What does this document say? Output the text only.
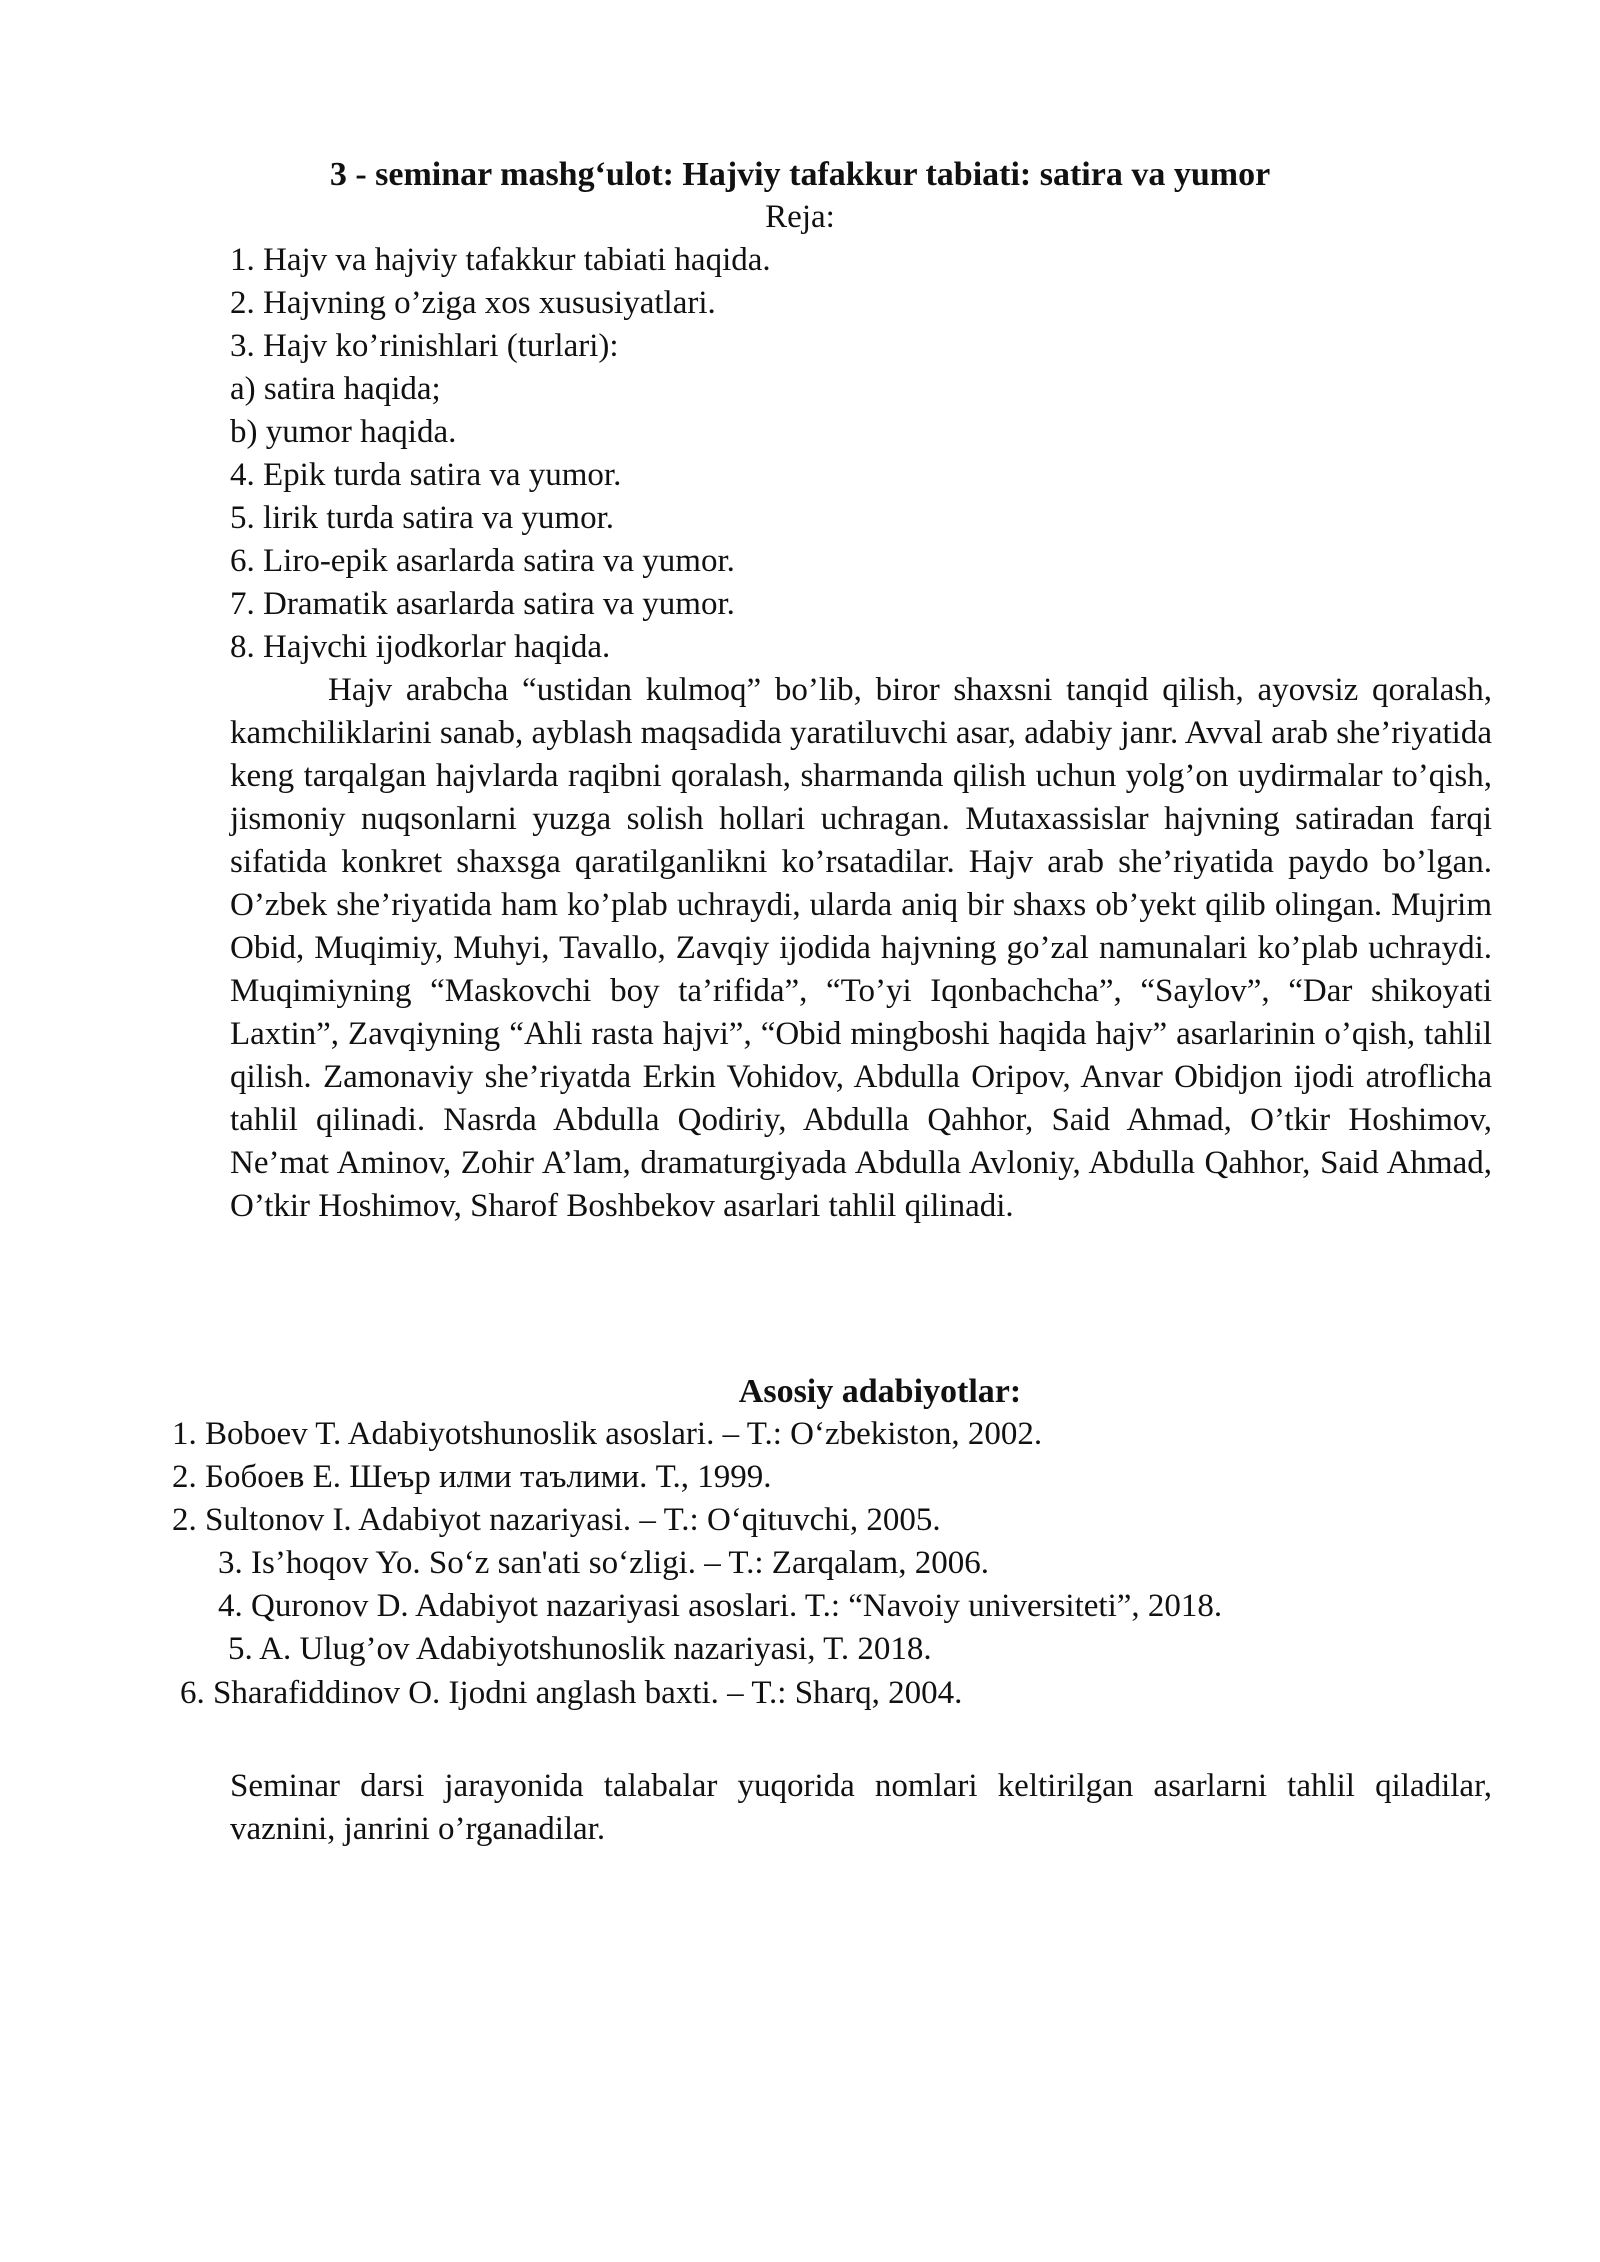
3 - seminar mashg‘ulot: Hajviy tafakkur tabiati: satira va yumor
Reja:
1. Hajv va hajviy tafakkur tabiati haqida.
2. Hajvning o’ziga xos xususiyatlari.
3. Hajv ko’rinishlari (turlari):
a) satira haqida;
b) yumor haqida.
4. Epik turda satira va yumor.
5. lirik turda satira va yumor.
6. Liro-epik asarlarda satira va yumor.
7. Dramatik asarlarda satira va yumor.
8. Hajvchi ijodkorlar haqida.
Hajv arabcha “ustidan kulmoq” bo’lib, biror shaxsni tanqid qilish, ayovsiz qoralash, kamchiliklarini sanab, ayblash maqsadida yaratiluvchi asar, adabiy janr. Avval arab she’riyatida keng tarqalgan hajvlarda raqibni qoralash, sharmanda qilish uchun yolg’on uydirmalar to’qish, jismoniy nuqsonlarni yuzga solish hollari uchragan. Mutaxassislar hajvning satiradan farqi sifatida konkret shaxsga qaratilganlikni ko’rsatadilar. Hajv arab she’riyatida paydo bo’lgan. O’zbek she’riyatida ham ko’plab uchraydi, ularda aniq bir shaxs ob’yekt qilib olingan. Mujrim Obid, Muqimiy, Muhyi, Tavallo, Zavqiy ijodida hajvning go’zal namunalari ko’plab uchraydi. Muqimiyning “Maskovchi boy ta’rifida”, “To’yi Iqonbachcha”, “Saylov”, “Dar shikoyati Laxtin”, Zavqiyning “Ahli rasta hajvi”, “Obid mingboshi haqida hajv” asarlarinin o’qish, tahlil qilish. Zamonaviy she’riyatda Erkin Vohidov, Abdulla Oripov, Anvar Obidjon ijodi atroflicha tahlil qilinadi. Nasrda Abdulla Qodiriy, Abdulla Qahhor, Said Ahmad, O’tkir Hoshimov, Ne’mat Aminov, Zohir A’lam, dramaturgiyada Abdulla Avloniy, Abdulla Qahhor, Said Ahmad, O’tkir Hoshimov, Sharof Boshbekov asarlari tahlil qilinadi.
Asosiy adabiyotlar:
1. Boboev T. Adabiyotshunoslik asoslari. – T.: O‘zbekiston, 2002.
2. Бобоев Е. Шеър илми таълими. Т., 1999.
2. Sultonov I. Adabiyot nazariyasi. – T.: O‘qituvchi, 2005.
3. Is’hoqov Yo. So‘z san'ati so‘zligi. – T.: Zarqalam, 2006.
4. Quronov D. Adabiyot nazariyasi asoslari. T.: “Navoiy universiteti”, 2018.
5. A. Ulug’ov Adabiyotshunoslik nazariyasi, T. 2018.
6. Sharafiddinov O. Ijodni anglash baxti. – T.: Sharq, 2004.
Seminar darsi jarayonida talabalar yuqorida nomlari keltirilgan asarlarni tahlil qiladilar, vaznini, janrini o’rganadilar.
